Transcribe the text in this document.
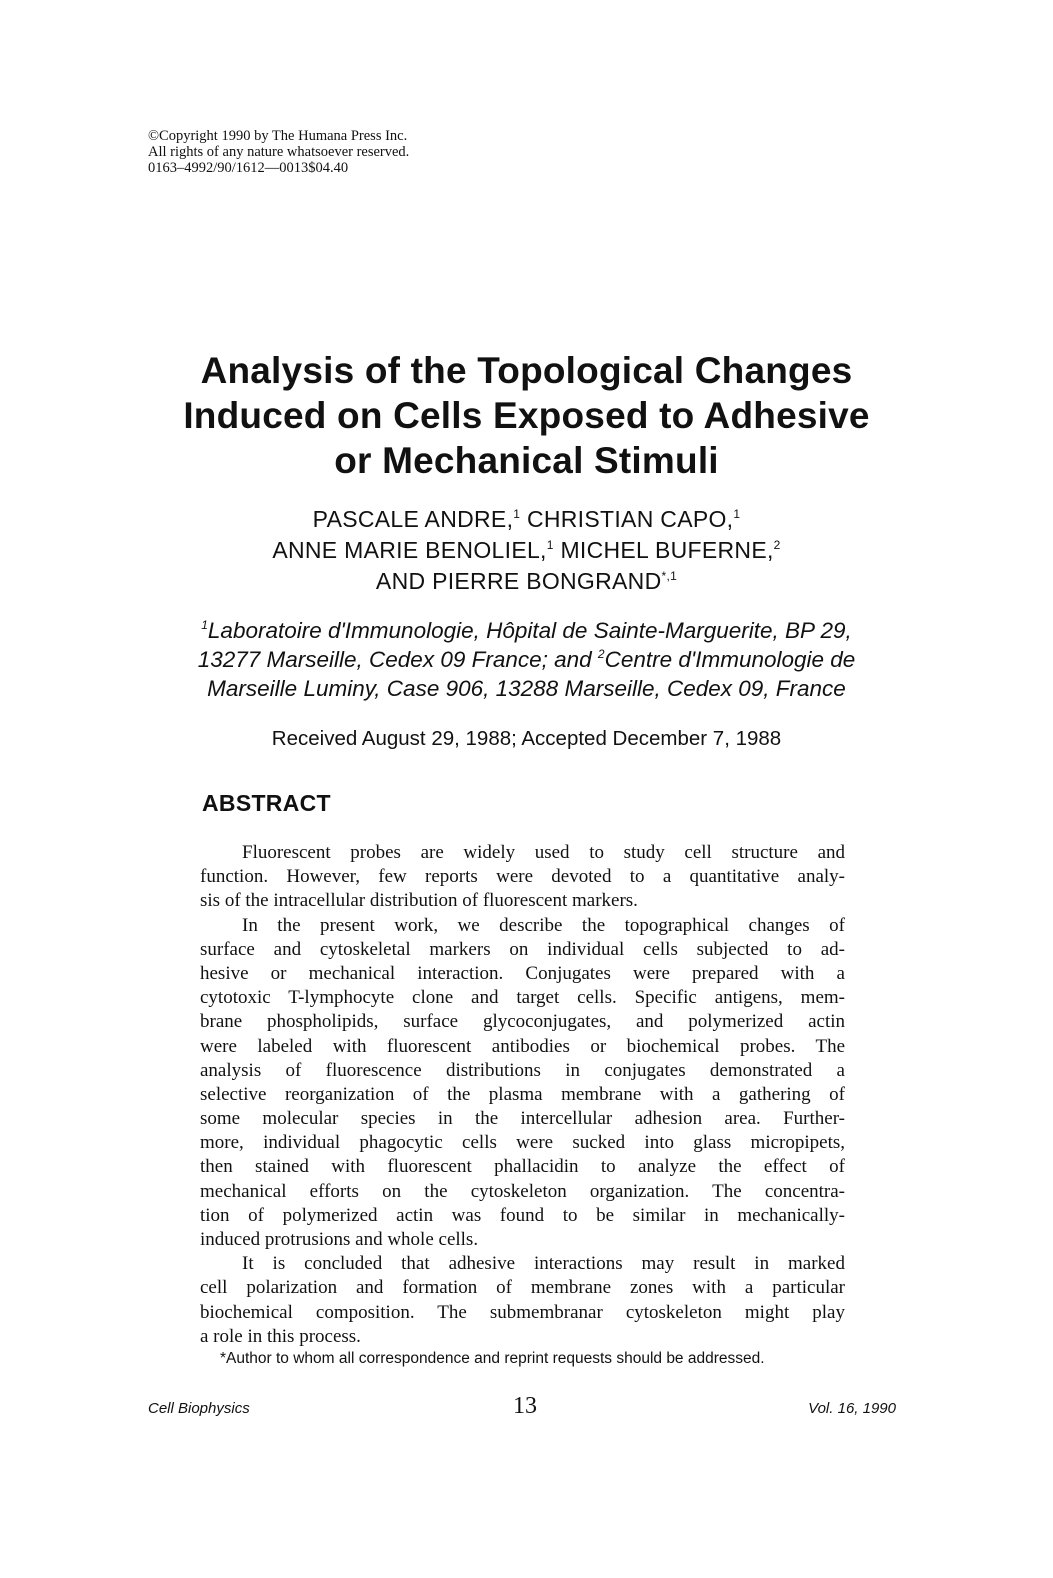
©Copyright 1990 by The Humana Press Inc.
All rights of any nature whatsoever reserved.
0163–4992/90/1612—0013$04.40
Analysis of the Topological Changes
Induced on Cells Exposed to Adhesive
or Mechanical Stimuli
PASCALE ANDRE,$^1$ CHRISTIAN CAPO,$^1$
ANNE MARIE BENOLIEL,$^1$ MICHEL BUFERNE,$^2$
AND PIERRE $BONGRAND^{*,1}$
$^1$Laboratoire d'Immunologie, Hôpital de Sainte-Marguerite, BP 29,
13277 Marseille, Cedex 09 France; and $^2$Centre d'Immunologie de
Marseille Luminy, Case 906, 13288 Marseille, Cedex 09, France
Received August 29, 1988; Accepted December 7, 1988
ABSTRACT
Fluorescent probes are widely used to study cell structure and
function. However, few reports were devoted to a quantitative analy-
sis of the intracellular distribution of fluorescent markers.
In the present work, we describe the topographical changes of
surface and cytoskeletal markers on individual cells subjected to ad-
hesive or mechanical interaction. Conjugates were prepared with a
cytotoxic T-lymphocyte clone and target cells. Specific antigens, mem-
brane phospholipids, surface glycoconjugates, and polymerized actin
were labeled with fluorescent antibodies or biochemical probes. The
analysis of fluorescence distributions in conjugates demonstrated a
selective reorganization of the plasma membrane with a gathering of
some molecular species in the intercellular adhesion area. Further-
more, individual phagocytic cells were sucked into glass micropipets,
then stained with fluorescent phallacidin to analyze the effect of
mechanical efforts on the cytoskeleton organization. The concentra-
tion of polymerized actin was found to be similar in mechanically-
induced protrusions and whole cells.
It is concluded that adhesive interactions may result in marked
cell polarization and formation of membrane zones with a particular
biochemical composition. The submembranar cytoskeleton might play
a role in this process.
*Author to whom all correspondence and reprint requests should be addressed.
Cell Biophysics	13	Vol. 16, 1990
